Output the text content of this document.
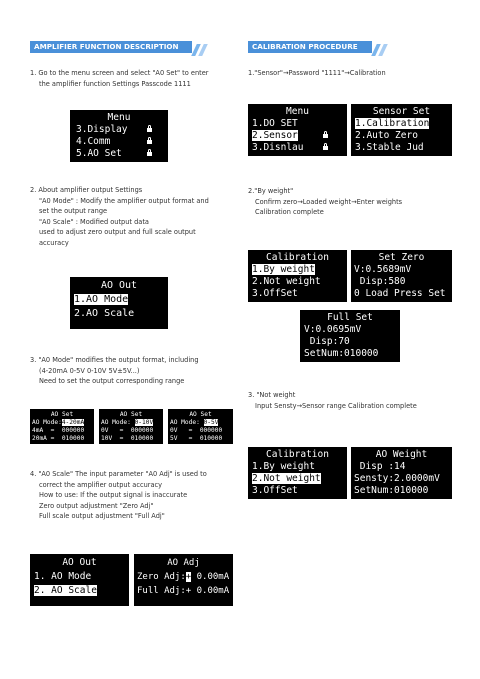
AMPLIFIER FUNCTION DESCRIPTION	CALIBRATION PROCEDURE
1. Go to the menu screen and select "A0 Set" to enter
the amplifier function Settings Passcode 1111
Menu
3.Display
4.Comm
5.AO Set
2. About amplifier output Settings
"A0 Mode" : Modify the amplifier output format and
set the output range
"A0 Scale" : Modified output data
used to adjust zero output and full scale output
accuracy
AO Out
1.AO Mode
2.AO Scale
3. "A0 Mode" modifies the output format, including
(4-20mA 0-5V 0-10V 5V±5V...)
Need to set the output corresponding range
AO Set
AO Mode:4-20mA
4mA = 000000
20mA = 010000
AO Set
AO Mode: 0-10V
0V = 000000
10V = 010000
AO Set
AO Mode: 0-5V
0V = 000000
5V = 010000
4. "A0 Scale" The input parameter "A0 Adj" is used to
correct the amplifier output accuracy
How to use: If the output signal is inaccurate
Zero output adjustment "Zero Adj"
Full scale output adjustment "Full Adj"
AO Out
1. AO Mode
2. AO Scale
AO Adj
Zero Adj:+ 0.00mA
Full Adj:+ 0.00mA
1."Sensor"→Password "1111"→Calibration
Menu
1.DO SET
2.Sensor
3.Disnlau
Sensor Set
1.Calibration
2.Auto Zero
3.Stable Jud
2."By weight"
Confirm zero→Loaded weight→Enter weights
Calibration complete
Calibration
1.By weight
2.Not weight
3.OffSet
Set Zero
V:0.5689mV
Disp:580
0 Load Press Set
Full Set
V:0.0695mV
Disp:70
SetNum:010000
3. "Not weight
Input Sensty→Sensor range Calibration complete
Calibration
1.By weight
2.Not weight
3.OffSet
AO Weight
Disp :14
Sensty:2.0000mV
SetNum:010000
